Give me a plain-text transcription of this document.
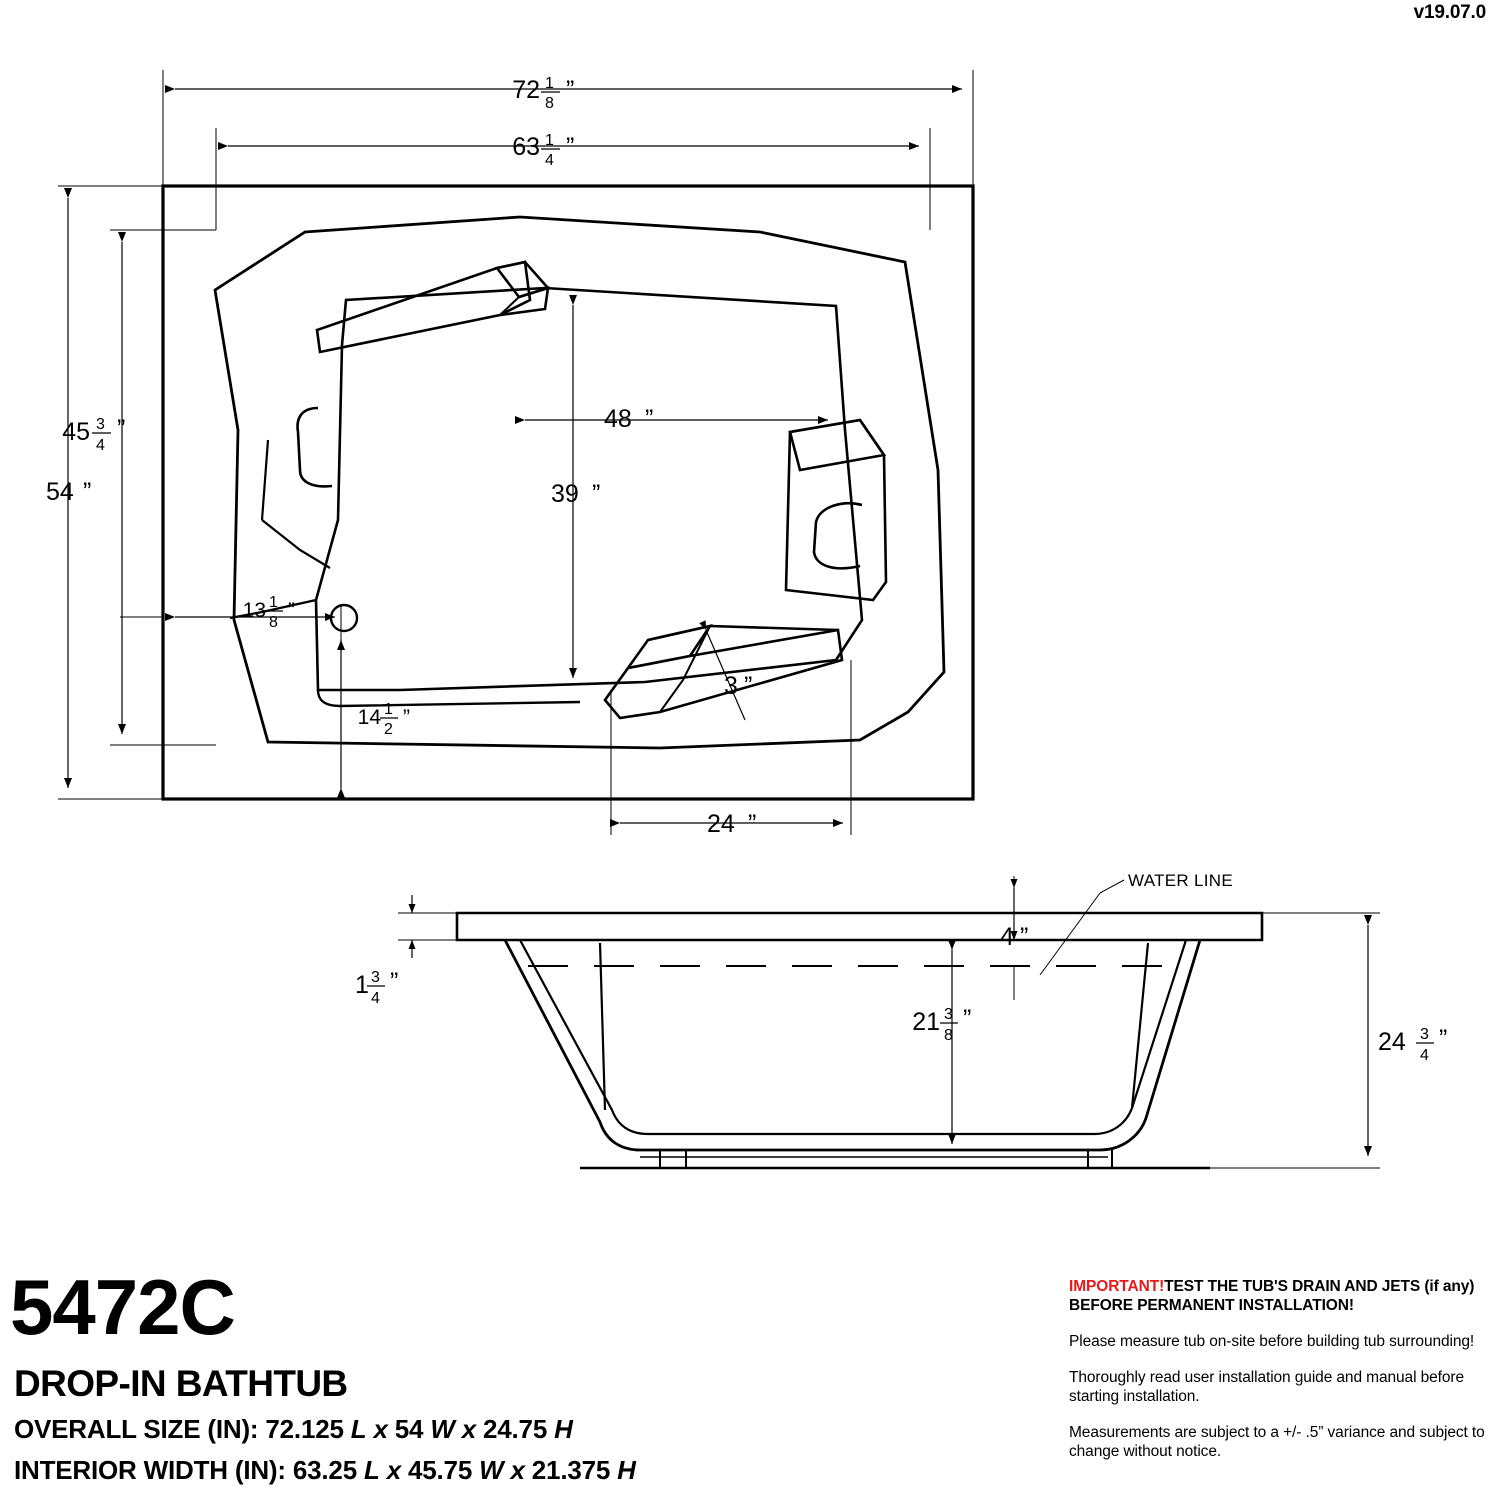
v19.07.0
72 1
8 ”
63 1
4 ”
54 ”
45 3
4
”	48 ”
39 ”
13 1
8
”
14 1
2
”
3 ”
24 ”
WATER LINE
1 3
4
”
4 ”
21 3
8
”
24 3
4
”
5472C
DROP-IN BATHTUB
OVERALL SIZE (IN): 72.125 L x 54 W x 24.75 H
INTERIOR WIDTH (IN): 63.25 L x 45.75 W x 21.375 H

IMPORTANT!TEST THE TUB'S DRAIN AND JETS (if any) BEFORE PERMANENT INSTALLATION!

Please measure tub on-site before building tub surrounding!

Thoroughly read user installation guide and manual before starting installation.

Measurements are subject to a +/- .5” variance and subject to change without notice.
